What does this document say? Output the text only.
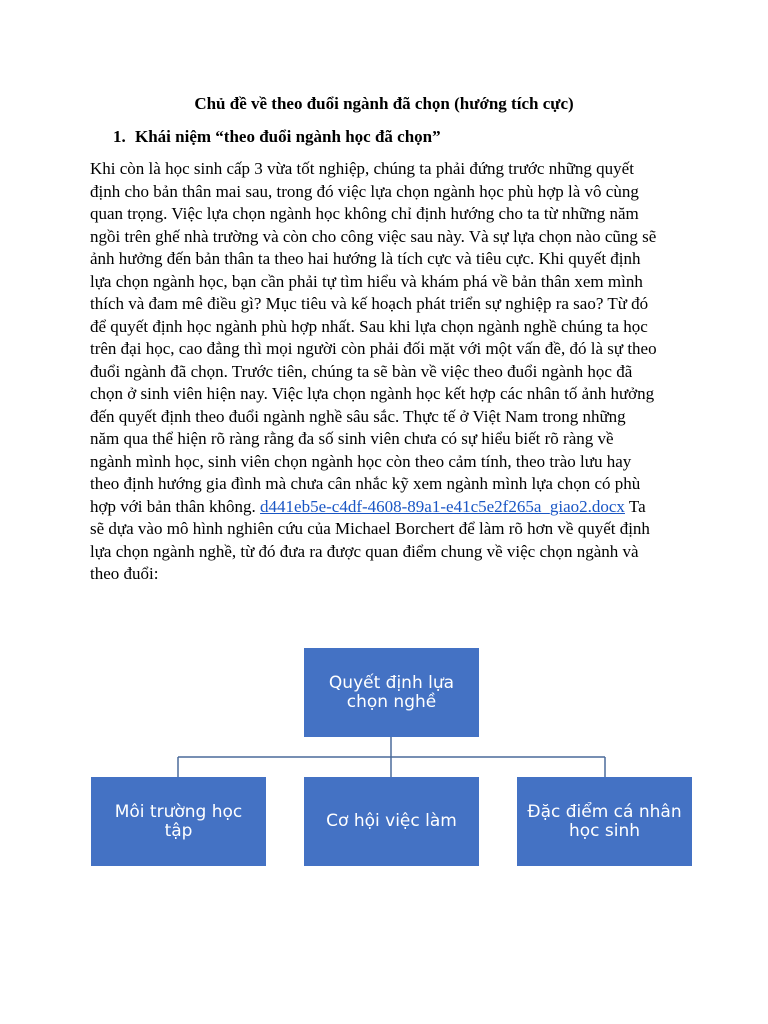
Chủ đề về theo đuổi ngành đã chọn (hướng tích cực)

1. Khái niệm “theo đuổi ngành học đã chọn”

Khi còn là học sinh cấp 3 vừa tốt nghiệp, chúng ta phải đứng trước những quyết
định cho bản thân mai sau, trong đó việc lựa chọn ngành học phù hợp là vô cùng
quan trọng. Việc lựa chọn ngành học không chỉ định hướng cho ta từ những năm
ngồi trên ghế nhà trường và còn cho công việc sau này. Và sự lựa chọn nào cũng sẽ
ảnh hưởng đến bản thân ta theo hai hướng là tích cực và tiêu cực. Khi quyết định
lựa chọn ngành học, bạn cần phải tự tìm hiểu và khám phá về bản thân xem mình
thích và đam mê điều gì? Mục tiêu và kế hoạch phát triển sự nghiệp ra sao? Từ đó
để quyết định học ngành phù hợp nhất. Sau khi lựa chọn ngành nghề chúng ta học
trên đại học, cao đẳng thì mọi người còn phải đối mặt với một vấn đề, đó là sự theo
đuổi ngành đã chọn. Trước tiên, chúng ta sẽ bàn về việc theo đuổi ngành học đã
chọn ở sinh viên hiện nay. Việc lựa chọn ngành học kết hợp các nhân tố ảnh hưởng
đến quyết định theo đuổi ngành nghề sâu sắc. Thực tế ở Việt Nam trong những
năm qua thể hiện rõ ràng rằng đa số sinh viên chưa có sự hiểu biết rõ ràng về
ngành mình học, sinh viên chọn ngành học còn theo cảm tính, theo trào lưu hay
theo định hướng gia đình mà chưa cân nhắc kỹ xem ngành mình lựa chọn có phù
hợp với bản thân không. d441eb5e-c4df-4608-89a1-e41c5e2f265a_giao2.docx Ta
sẽ dựa vào mô hình nghiên cứu của Michael Borchert để làm rõ hơn về quyết định
lựa chọn ngành nghề, từ đó đưa ra được quan điểm chung về việc chọn ngành và
theo đuổi:

Quyết định lựa
chọn nghề
Môi trường học tập	Cơ hội việc làm	Đặc điểm cá nhân
học sinh
